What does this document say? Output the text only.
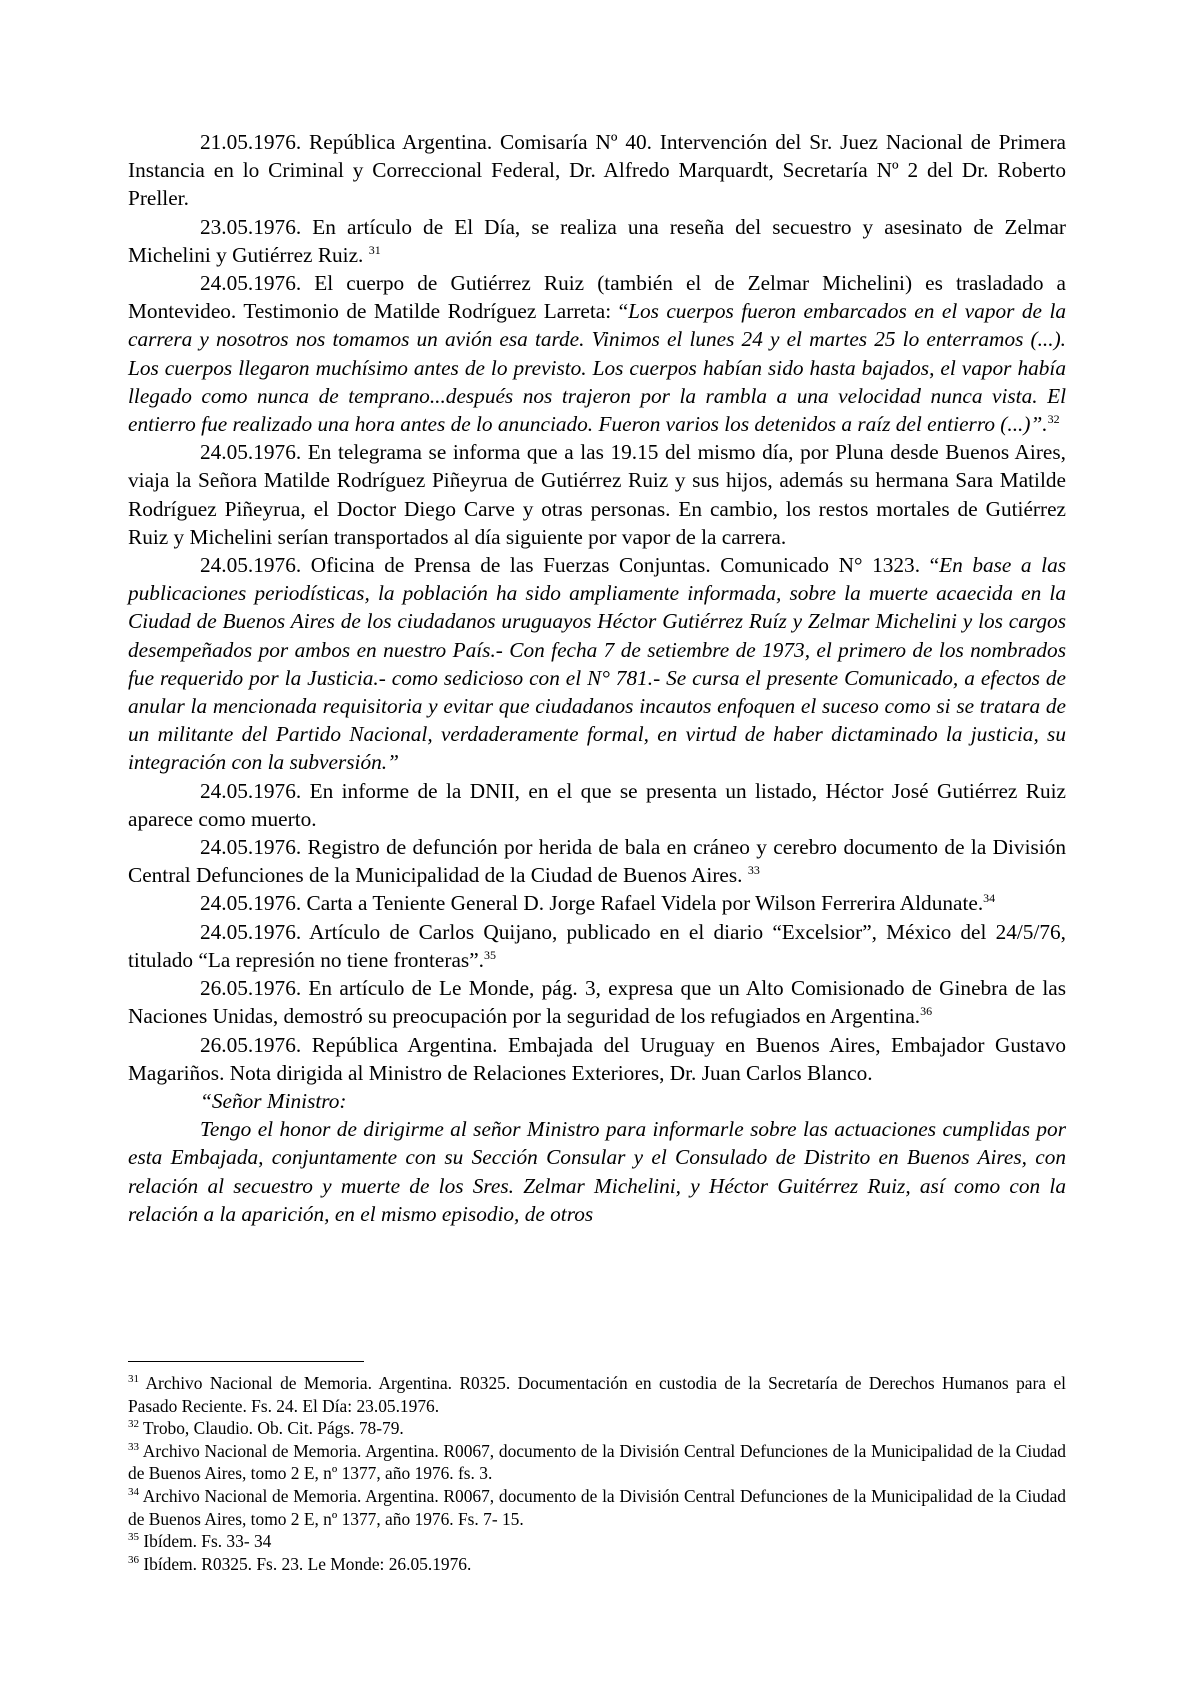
21.05.1976. República Argentina. Comisaría Nº 40. Intervención del Sr. Juez Nacional de Primera Instancia en lo Criminal y Correccional Federal, Dr. Alfredo Marquardt, Secretaría Nº 2 del Dr. Roberto Preller.

23.05.1976. En artículo de El Día, se realiza una reseña del secuestro y asesinato de Zelmar Michelini y Gutiérrez Ruiz. $^{31}$

24.05.1976. El cuerpo de Gutiérrez Ruiz (también el de Zelmar Michelini) es trasladado a Montevideo. Testimonio de Matilde Rodríguez Larreta: “Los cuerpos fueron embarcados en el vapor de la carrera y nosotros nos tomamos un avión esa tarde. Vinimos el lunes 24 y el martes 25 lo enterramos (...). Los cuerpos llegaron muchísimo antes de lo previsto. Los cuerpos habían sido hasta bajados, el vapor había llegado como nunca de temprano...después nos trajeron por la rambla a una velocidad nunca vista. El entierro fue realizado una hora antes de lo anunciado. Fueron varios los detenidos a raíz del entierro (...)”.$^{32}$

24.05.1976. En telegrama se informa que a las 19.15 del mismo día, por Pluna desde Buenos Aires, viaja la Señora Matilde Rodríguez Piñeyrua de Gutiérrez Ruiz y sus hijos, además su hermana Sara Matilde Rodríguez Piñeyrua, el Doctor Diego Carve y otras personas. En cambio, los restos mortales de Gutiérrez Ruiz y Michelini serían transportados al día siguiente por vapor de la carrera.

24.05.1976. Oficina de Prensa de las Fuerzas Conjuntas. Comunicado N° 1323. “En base a las publicaciones periodísticas, la población ha sido ampliamente informada, sobre la muerte acaecida en la Ciudad de Buenos Aires de los ciudadanos uruguayos Héctor Gutiérrez Ruíz y Zelmar Michelini y los cargos desempeñados por ambos en nuestro País.- Con fecha 7 de setiembre de 1973, el primero de los nombrados fue requerido por la Justicia.- como sedicioso con el N° 781.- Se cursa el presente Comunicado, a efectos de anular la mencionada requisitoria y evitar que ciudadanos incautos enfoquen el suceso como si se tratara de un militante del Partido Nacional, verdaderamente formal, en virtud de haber dictaminado la justicia, su integración con la subversión.”

24.05.1976. En informe de la DNII, en el que se presenta un listado, Héctor José Gutiérrez Ruiz aparece como muerto.

24.05.1976. Registro de defunción por herida de bala en cráneo y cerebro documento de la División Central Defunciones de la Municipalidad de la Ciudad de Buenos Aires. $^{33}$

24.05.1976. Carta a Teniente General D. Jorge Rafael Videla por Wilson Ferrerira Aldunate.$^{34}$

24.05.1976. Artículo de Carlos Quijano, publicado en el diario “Excelsior”, México del 24/5/76, titulado “La represión no tiene fronteras”.$^{35}$

26.05.1976. En artículo de Le Monde, pág. 3, expresa que un Alto Comisionado de Ginebra de las Naciones Unidas, demostró su preocupación por la seguridad de los refugiados en Argentina.$^{36}$

26.05.1976. República Argentina. Embajada del Uruguay en Buenos Aires, Embajador Gustavo Magariños. Nota dirigida al Ministro de Relaciones Exteriores, Dr. Juan Carlos Blanco.

“Señor Ministro:

Tengo el honor de dirigirme al señor Ministro para informarle sobre las actuaciones cumplidas por esta Embajada, conjuntamente con su Sección Consular y el Consulado de Distrito en Buenos Aires, con relación al secuestro y muerte de los Sres. Zelmar Michelini, y Héctor Guitérrez Ruiz, así como con la relación a la aparición, en el mismo episodio, de otros

$^{31}$ Archivo Nacional de Memoria. Argentina. R0325. Documentación en custodia de la Secretaría de Derechos Humanos para el Pasado Reciente. Fs. 24. El Día: 23.05.1976.

$^{32}$ Trobo, Claudio. Ob. Cit. Págs. 78-79.

$^{33}$ Archivo Nacional de Memoria. Argentina. R0067, documento de la División Central Defunciones de la Municipalidad de la Ciudad de Buenos Aires, tomo 2 E, nº 1377, año 1976. fs. 3.

$^{34}$ Archivo Nacional de Memoria. Argentina. R0067, documento de la División Central Defunciones de la Municipalidad de la Ciudad de Buenos Aires, tomo 2 E, nº 1377, año 1976. Fs. 7- 15.

$^{35}$ Ibídem. Fs. 33- 34

$^{36}$ Ibídem. R0325. Fs. 23. Le Monde: 26.05.1976.
